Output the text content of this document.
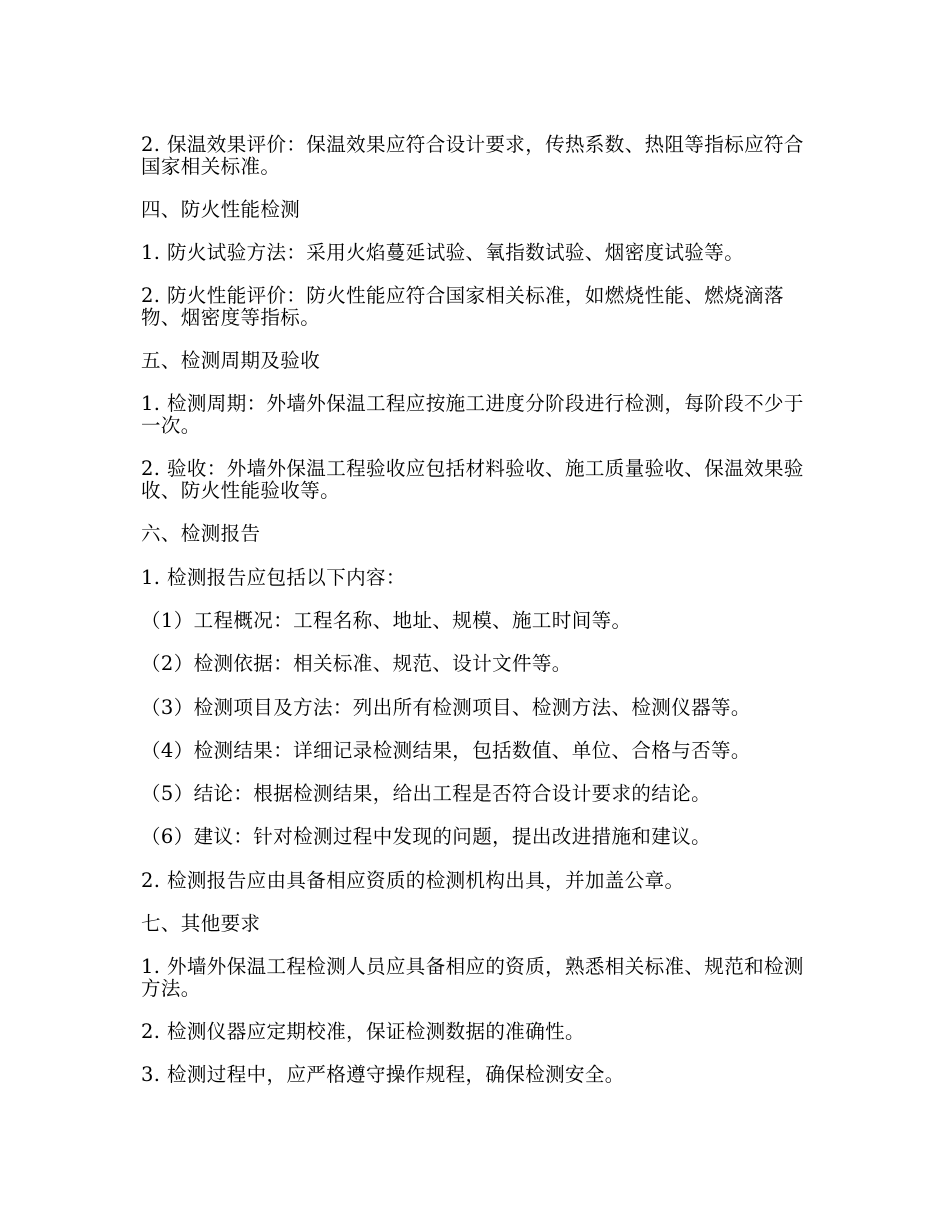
2. 保温效果评价：保温效果应符合设计要求，传热系数、热阻等指标应符合国家相关标准。
四、防火性能检测
1. 防火试验方法：采用火焰蔓延试验、氧指数试验、烟密度试验等。
2. 防火性能评价：防火性能应符合国家相关标准，如燃烧性能、燃烧滴落物、烟密度等指标。
五、检测周期及验收
1. 检测周期：外墙外保温工程应按施工进度分阶段进行检测，每阶段不少于一次。
2. 验收：外墙外保温工程验收应包括材料验收、施工质量验收、保温效果验收、防火性能验收等。
六、检测报告
1. 检测报告应包括以下内容：
（1）工程概况：工程名称、地址、规模、施工时间等。
（2）检测依据：相关标准、规范、设计文件等。
（3）检测项目及方法：列出所有检测项目、检测方法、检测仪器等。
（4）检测结果：详细记录检测结果，包括数值、单位、合格与否等。
（5）结论：根据检测结果，给出工程是否符合设计要求的结论。
（6）建议：针对检测过程中发现的问题，提出改进措施和建议。
2. 检测报告应由具备相应资质的检测机构出具，并加盖公章。
七、其他要求
1. 外墙外保温工程检测人员应具备相应的资质，熟悉相关标准、规范和检测方法。
2. 检测仪器应定期校准，保证检测数据的准确性。
3. 检测过程中，应严格遵守操作规程，确保检测安全。
